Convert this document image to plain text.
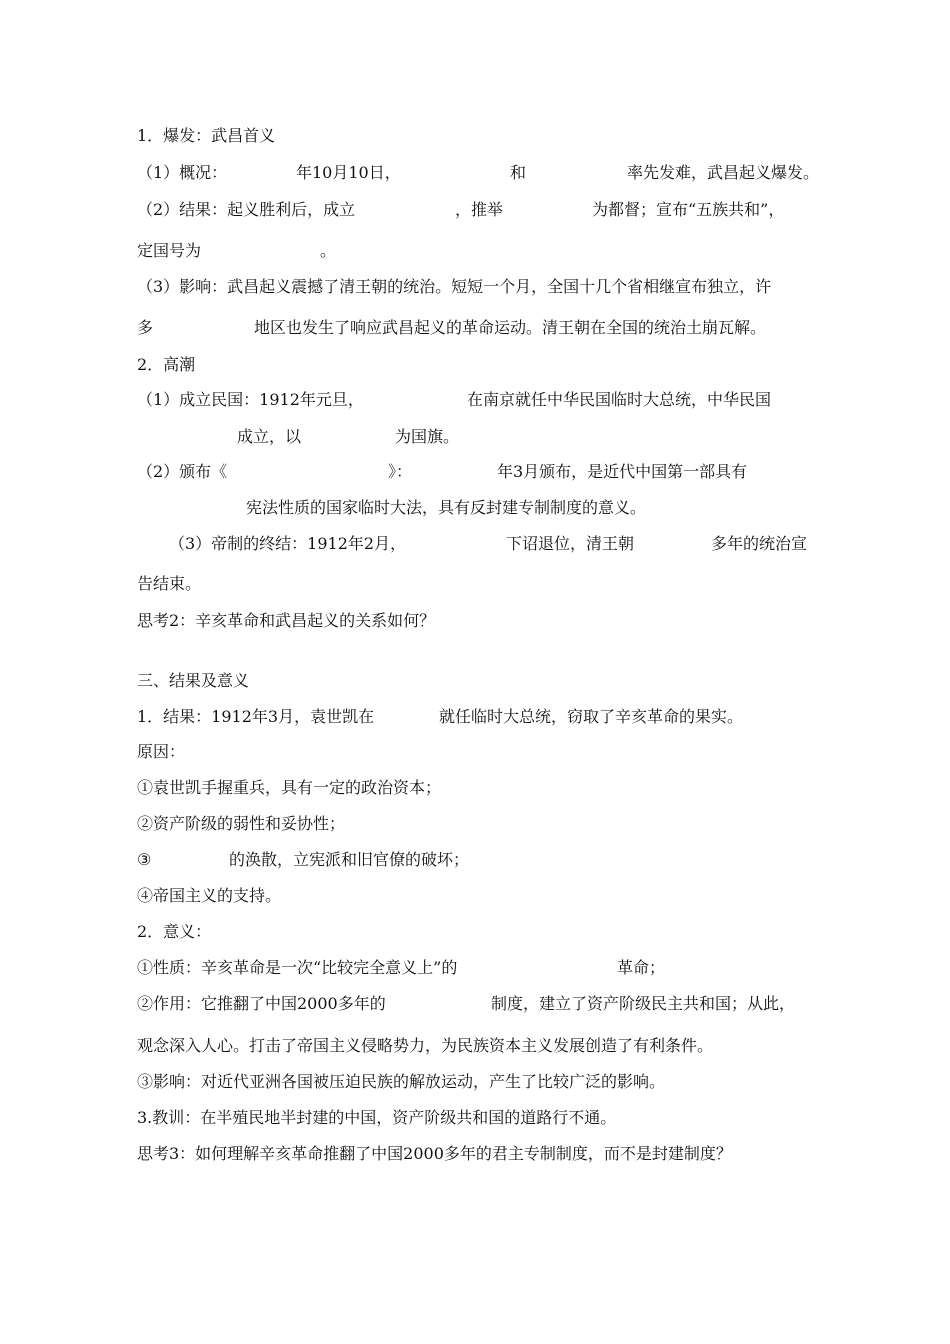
1．爆发：武昌首义

（1）概况：

	年10月10日，

	和

	率先发难，武昌起义爆发。

（2）结果：起义胜利后，成立

	，推举

	为都督；宣布“五族共和”，

定国号为

	。

（3）影响：武昌起义震撼了清王朝的统治。短短一个月，全国十几个省相继宣布独立，许

多

	地区也发生了响应武昌起义的革命运动。清王朝在全国的统治土崩瓦解。

2．高潮

（1）成立民国：1912年元旦，

	在南京就任中华民国临时大总统，中华民国

成立，以

	为国旗。

（2）颁布《

	》：

	年3月颁布，是近代中国第一部具有

宪法性质的国家临时大法，具有反封建专制制度的意义。

（3）帝制的终结：1912年2月，

	下诏退位，清王朝

	多年的统治宣

告结束。

思考2：辛亥革命和武昌起义的关系如何？

三、结果及意义

1．结果：1912年3月，袁世凯在

	就任临时大总统，窃取了辛亥革命的果实。

原因：

①袁世凯手握重兵，具有一定的政治资本；

②资产阶级的弱性和妥协性；

③

	的涣散，立宪派和旧官僚的破坏；

④帝国主义的支持。

2．意义：

①性质：辛亥革命是一次“比较完全意义上”的

	革命；

②作用：它推翻了中国2000多年的

	制度，建立了资产阶级民主共和国；从此，

观念深入人心。打击了帝国主义侵略势力，为民族资本主义发展创造了有利条件。

③影响：对近代亚洲各国被压迫民族的解放运动，产生了比较广泛的影响。

3.教训：在半殖民地半封建的中国，资产阶级共和国的道路行不通。

思考3：如何理解辛亥革命推翻了中国2000多年的君主专制制度，而不是封建制度？
